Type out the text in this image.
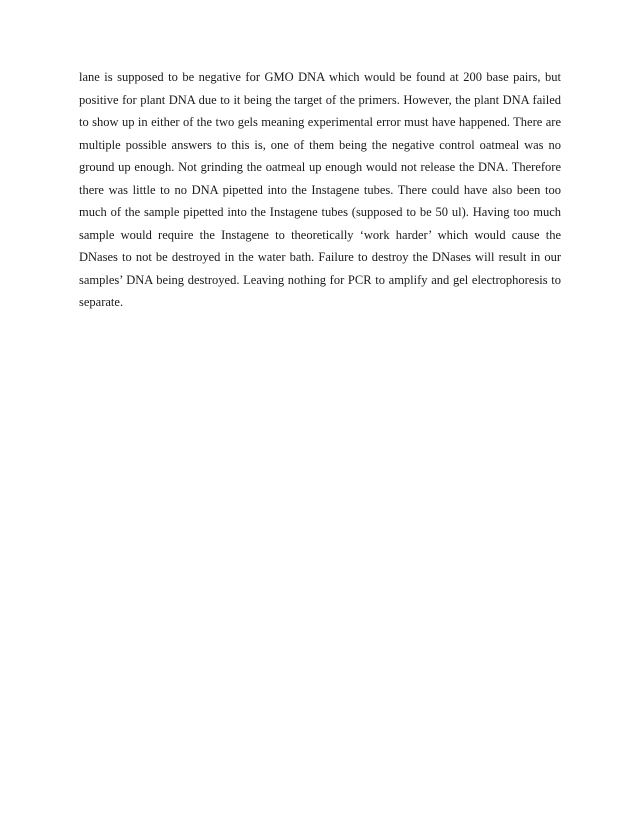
lane is supposed to be negative for GMO DNA which would be found at 200 base pairs, but
positive for plant DNA due to it being the target of the primers. However, the plant DNA failed
to show up in either of the two gels meaning experimental error must have happened. There are
multiple possible answers to this is, one of them being the negative control oatmeal was no
ground up enough. Not grinding the oatmeal up enough would not release the DNA. Therefore
there was little to no DNA pipetted into the Instagene tubes. There could have also been too
much of the sample pipetted into the Instagene tubes (supposed to be 50 ul). Having too much
sample would require the Instagene to theoretically ‘work harder’ which would cause the
DNases to not be destroyed in the water bath. Failure to destroy the DNases will result in our
samples’ DNA being destroyed. Leaving nothing for PCR to amplify and gel electrophoresis to
separate.
